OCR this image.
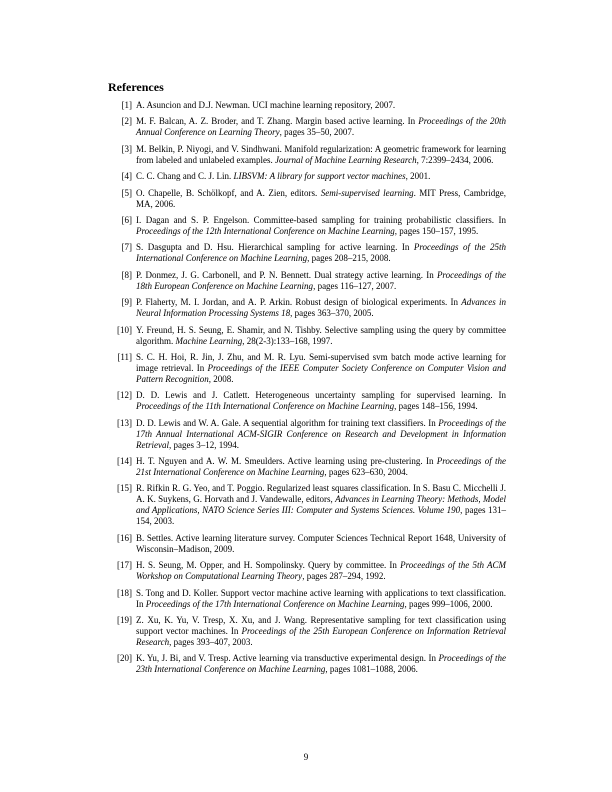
References
[1] A. Asuncion and D.J. Newman. UCI machine learning repository, 2007.
[2] M. F. Balcan, A. Z. Broder, and T. Zhang. Margin based active learning. In Proceedings of the 20th Annual Conference on Learning Theory, pages 35–50, 2007.
[3] M. Belkin, P. Niyogi, and V. Sindhwani. Manifold regularization: A geometric framework for learning from labeled and unlabeled examples. Journal of Machine Learning Research, 7:2399–2434, 2006.
[4] C. C. Chang and C. J. Lin. LIBSVM: A library for support vector machines, 2001.
[5] O. Chapelle, B. Schölkopf, and A. Zien, editors. Semi-supervised learning. MIT Press, Cambridge, MA, 2006.
[6] I. Dagan and S. P. Engelson. Committee-based sampling for training probabilistic classifiers. In Proceedings of the 12th International Conference on Machine Learning, pages 150–157, 1995.
[7] S. Dasgupta and D. Hsu. Hierarchical sampling for active learning. In Proceedings of the 25th International Conference on Machine Learning, pages 208–215, 2008.
[8] P. Donmez, J. G. Carbonell, and P. N. Bennett. Dual strategy active learning. In Proceedings of the 18th European Conference on Machine Learning, pages 116–127, 2007.
[9] P. Flaherty, M. I. Jordan, and A. P. Arkin. Robust design of biological experiments. In Advances in Neural Information Processing Systems 18, pages 363–370, 2005.
[10] Y. Freund, H. S. Seung, E. Shamir, and N. Tishby. Selective sampling using the query by committee algorithm. Machine Learning, 28(2-3):133–168, 1997.
[11] S. C. H. Hoi, R. Jin, J. Zhu, and M. R. Lyu. Semi-supervised svm batch mode active learning for image retrieval. In Proceedings of the IEEE Computer Society Conference on Computer Vision and Pattern Recognition, 2008.
[12] D. D. Lewis and J. Catlett. Heterogeneous uncertainty sampling for supervised learning. In Proceedings of the 11th International Conference on Machine Learning, pages 148–156, 1994.
[13] D. D. Lewis and W. A. Gale. A sequential algorithm for training text classifiers. In Proceedings of the 17th Annual International ACM-SIGIR Conference on Research and Development in Information Retrieval, pages 3–12, 1994.
[14] H. T. Nguyen and A. W. M. Smeulders. Active learning using pre-clustering. In Proceedings of the 21st International Conference on Machine Learning, pages 623–630, 2004.
[15] R. Rifkin R. G. Yeo, and T. Poggio. Regularized least squares classification. In S. Basu C. Micchelli J. A. K. Suykens, G. Horvath and J. Vandewalle, editors, Advances in Learning Theory: Methods, Model and Applications, NATO Science Series III: Computer and Systems Sciences. Volume 190, pages 131–154, 2003.
[16] B. Settles. Active learning literature survey. Computer Sciences Technical Report 1648, University of Wisconsin–Madison, 2009.
[17] H. S. Seung, M. Opper, and H. Sompolinsky. Query by committee. In Proceedings of the 5th ACM Workshop on Computational Learning Theory, pages 287–294, 1992.
[18] S. Tong and D. Koller. Support vector machine active learning with applications to text classification. In Proceedings of the 17th International Conference on Machine Learning, pages 999–1006, 2000.
[19] Z. Xu, K. Yu, V. Tresp, X. Xu, and J. Wang. Representative sampling for text classification using support vector machines. In Proceedings of the 25th European Conference on Information Retrieval Research, pages 393–407, 2003.
[20] K. Yu, J. Bi, and V. Tresp. Active learning via transductive experimental design. In Proceedings of the 23th International Conference on Machine Learning, pages 1081–1088, 2006.
9
